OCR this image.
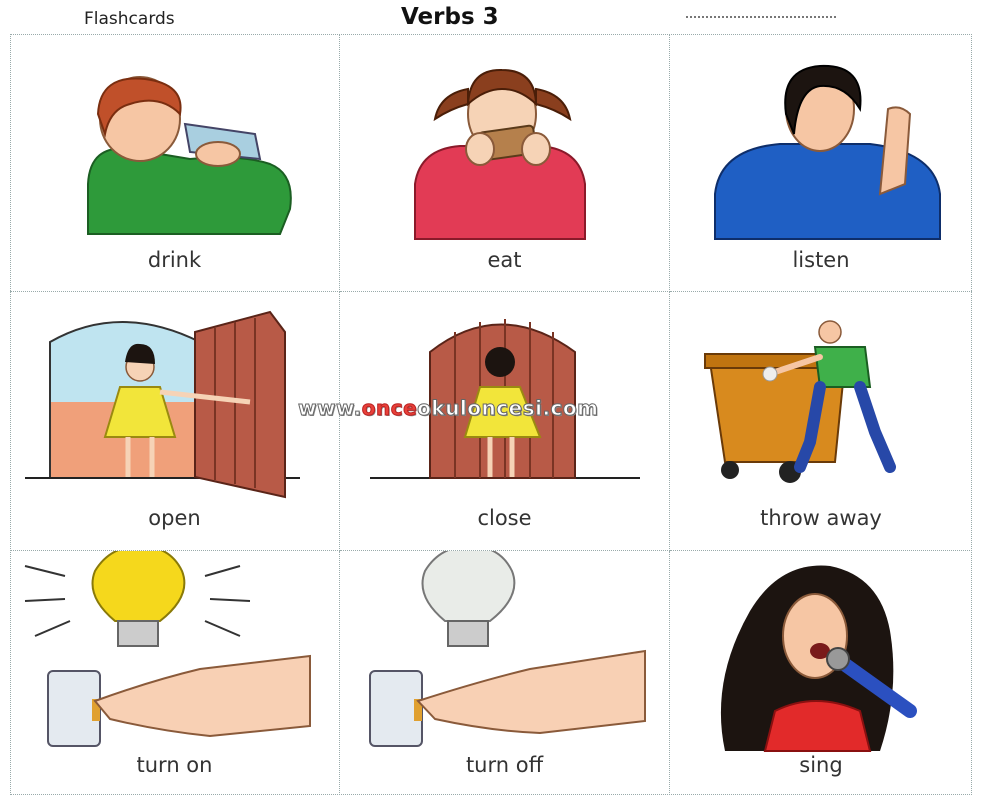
Flashcards	Verbs 3
drink	eat	listen
open	close	throw away
turn on	turn off	sing
www.onceokuloncesi.com
